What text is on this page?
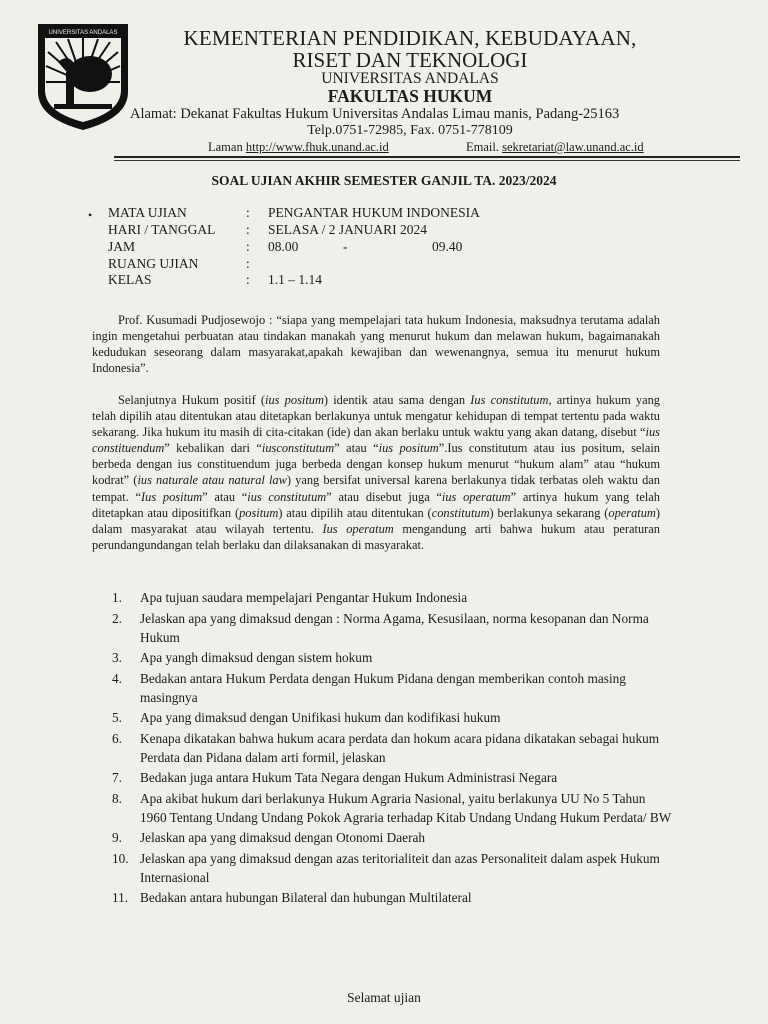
UNIVERSITAS ANDALAS	KEMENTERIAN PENDIDIKAN, KEBUDAYAAN,
RISET DAN TEKNOLOGI
UNIVERSITAS ANDALAS
FAKULTAS HUKUM
Alamat: Dekanat Fakultas Hukum Universitas Andalas Limau manis, Padang-25163
Telp.0751-72985, Fax. 0751-778109
Laman http://www.fhuk.unand.ac.id	Email. sekretariat@law.unand.ac.id
SOAL UJIAN AKHIR SEMESTER GANJIL TA. 2023/2024
• MATA UJIAN	: PENGANTAR HUKUM INDONESIA
HARI / TANGGAL : SELASA / 2 JANUARI 2024
JAM	: 08.00	-	09.40
RUANG UJIAN	:
KELAS	: 1.1 – 1.14
Prof. Kusumadi Pudjosewojo : “siapa yang mempelajari tata hukum Indonesia, maksudnya terutama adalah ingin mengetahui perbuatan atau tindakan manakah yang menurut hukum dan melawan hukum, bagaimanakah kedudukan seseorang dalam masyarakat,apakah kewajiban dan wewenangnya, semua itu menurut hukum Indonesia”.
Selanjutnya Hukum positif (ius positum) identik atau sama dengan Ius constitutum, artinya hukum yang telah dipilih atau ditentukan atau ditetapkan berlakunya untuk mengatur kehidupan di tempat tertentu pada waktu sekarang. Jika hukum itu masih di cita-citakan (ide) dan akan berlaku untuk waktu yang akan datang, disebut “ius constituendum” kebalikan dari “iusconstitutum” atau “ius positum”.Ius constitutum atau ius positum, selain berbeda dengan ius constituendum juga berbeda dengan konsep hukum menurut “hukum alam” atau “hukum kodrat” (ius naturale atau natural law) yang bersifat universal karena berlakunya tidak terbatas oleh waktu dan tempat. “Ius positum” atau “ius constitutum” atau disebut juga “ius operatum” artinya hukum yang telah ditetapkan atau dipositifkan (positum) atau dipilih atau ditentukan (constitutum) berlakunya sekarang (operatum) dalam masyarakat atau wilayah tertentu. Ius operatum mengandung arti bahwa hukum atau peraturan perundangundangan telah berlaku dan dilaksanakan di masyarakat.
1.	Apa tujuan saudara mempelajari Pengantar Hukum Indonesia
2.	Jelaskan apa yang dimaksud dengan : Norma Agama, Kesusilaan, norma kesopanan dan Norma Hukum
3.	Apa yangh dimaksud dengan sistem hokum
4.	Bedakan antara Hukum Perdata dengan Hukum Pidana dengan memberikan contoh masing masingnya
5.	Apa yang dimaksud dengan Unifikasi hukum dan kodifikasi hukum
6.	Kenapa dikatakan bahwa hukum acara perdata dan hokum acara pidana dikatakan sebagai hukum Perdata dan Pidana dalam arti formil, jelaskan
7.	Bedakan juga antara Hukum Tata Negara dengan Hukum Administrasi Negara
8.	Apa akibat hukum dari berlakunya Hukum Agraria Nasional, yaitu berlakunya UU No 5 Tahun 1960 Tentang Undang Undang Pokok Agraria terhadap Kitab Undang Undang Hukum Perdata/ BW
9.	Jelaskan apa yang dimaksud dengan Otonomi Daerah
10. Jelaskan apa yang dimaksud dengan azas teritorialiteit dan azas Personaliteit dalam aspek Hukum Internasional
11. Bedakan antara hubungan Bilateral dan hubungan Multilateral
Selamat ujian
